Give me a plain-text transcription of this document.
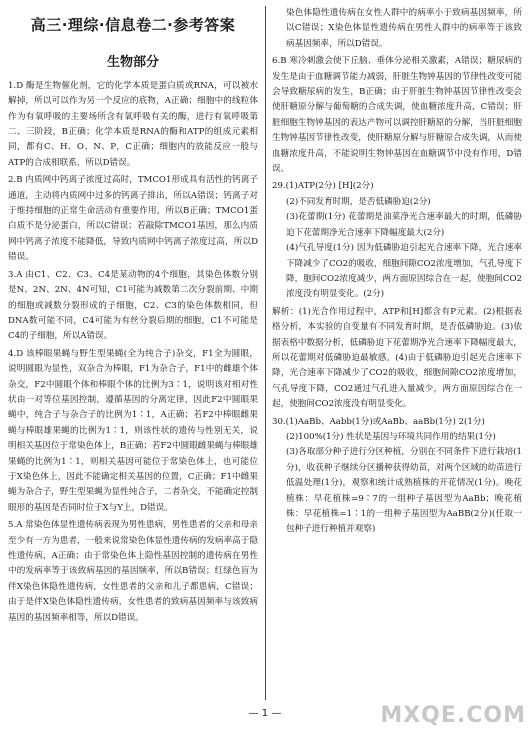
高三·理综·信息卷二·参考答案
生物部分

1.D 酶是生物催化剂，它的化学本质是蛋白质或RNA，可以被水解掉，所以可以作为另一个反应的底物，A正确；细胞中的线粒体作为有氧呼吸的主要场所含有氧呼吸有关的酶，进行有氧呼吸第二、三阶段，B正确；化学本质是RNA的酶和ATP的组成元素相同，都有C、H、O、N、P，C正确；细胞内的放能反应一般与ATP的合成相联系，所以D错误。

2.B 内质网中钙离子浓度过高时，TMCO1形成具有活性的钙离子通道，主动将内质网中过多的钙离子排出，所以A错误；钙离子对于维持细胞的正常生命活动有重要作用，所以B正确；TMCO1蛋白质不是分泌蛋白，所以C错误；若敲除TMCO1基因，那么内质网中钙离子浓度不能降低，导致内质网中钙离子浓度过高，所以D错误。

3.A 由C1、C2、C3、C4是某动物的4个细胞，其染色体数分别是N、2N、2N、4N可知，C1可能为减数第二次分裂前期、中期的细胞或减数分裂形成的子细胞，C2、C3的染色体数相同，但DNA数可能不同，C4可能为有丝分裂后期的细胞，C1不可能是C4的子细胞，所以A错误。

4.D 该棒眼果蝇与野生型果蝇(全为纯合子)杂交，F1全为圆眼，说明圆眼为显性，双杂合为棒眼，F1为杂合子，F1中的雌雄个体杂交，F2中圆眼个体和棒眼个体的比例为3∶1，说明该对相对性状由一对等位基因控制，遵循基因的分离定律，因此F2中圆眼果蝇中，纯合子与杂合子的比例为1∶1，A正确；若F2中棒眼雌果蝇与棒眼雄果蝇的比例为1∶1，则该性状的遗传与性别无关，说明相关基因位于常染色体上，B正确；若F2中圆眼雌果蝇与棒眼雄果蝇的比例为1∶1，则相关基因可能位于常染色体上，也可能位于X染色体上，因此不能确定相关基因的位置，C正确；F1中雌果蝇为杂合子，野生型果蝇为显性纯合子，二者杂交，不能确定控制眼形的基因是否同时位于X与Y上，D错误。

5.A 常染色体显性遗传病表现为男性患病，男性患者的父亲和母亲至少有一方为患者，一般来说常染色体显性遗传病的发病率高于隐性遗传病，A正确；由于常染色体上隐性基因控制的遗传病在男性中的发病率等于该致病基因的基因频率，所以B错误；红绿色盲为伴X染色体隐性遗传病，女性患者的父亲和儿子都患病，C错误；由于是伴X染色体隐性遗传病，女性患者的致病基因频率与该致病基因的基因频率相等，所以D错误。

染色体隐性遗传病在女性人群中的病率小于致病基因频率，所以C错误；X染色体显性遗传病在男性人群中的病率等于该致病基因频率，所以D错误。

6.B 寒冷刺激会使下丘脑、垂体分泌相关激素，A错误；糖尿病的发生是由于血糖调节能力减弱，肝脏生物钟基因的节律性改变可能会导致糖尿病的发生，B正确；由于肝脏生物钟基因节律性改变会使肝糖原分解与葡萄糖的合成失调，使血糖浓度升高，C错误；肝脏细胞生物钟基因的表达产物可以调控肝糖原的分解，当肝脏细胞生物钟基因节律性改变，使肝糖原分解与肝糖原合成失调，从而使血糖浓度升高，不能说明生物钟基因在血糖调节中没有作用，D错误。

29.(1)ATP(2分) [H](2分)

(2)不同发育时期，是否低磷胁迫(2分)

(3)花蕾期(1分) 花蕾期是油菜净光合速率最大的时期，低磷胁迫下花蕾期净光合速率下降幅度最大(2分)

(4)气孔导度(1分) 因为低磷胁迫引起光合速率下降，光合速率下降减少了CO2的吸收，细胞间隙CO2浓度增加，气孔导度下降，胞间CO2浓度减少，两方面原因综合在一起，使胞间CO2浓度没有明显变化。(2分)

解析：(1)光合作用过程中，ATP和[H]都含有P元素。(2)根据表格分析，本实验的自变量有不同发育时期，是否低磷胁迫。(3)依据表格中数据分析，低磷胁迫下花蕾期净光合速率下降幅度最大，所以花蕾期对低磷胁迫最敏感。(4)由于低磷胁迫引起光合速率下降，光合速率下降减少了CO2的吸收，细胞间隙CO2浓度增加，气孔导度下降，CO2通过气孔进入量减少，两方面原因综合在一起，使胞间CO2浓度没有明显变化。

30.(1)AaBb、Aabb(1分)或AaBb、aaBb(1分) 2(1分)

(2)100%(1分) 性状是基因与环境共同作用的结果(1分)

(3)各取部分种子进行分区种植，分别在不同条件下进行栽培(1分)，收获种子继续分区播种获得幼苗，对两个区域的幼苗进行低温处理(1分)，观察和统计成熟植株的开花情况(1分)。晚花植株：早花植株=9∶7的一组种子基因型为AaBb；晚花植株：早花植株=1∶1的一组种子基因型为AaBB(2分)(任取一包种子进行种植并观察)

— 1 —	MXQE.COM
